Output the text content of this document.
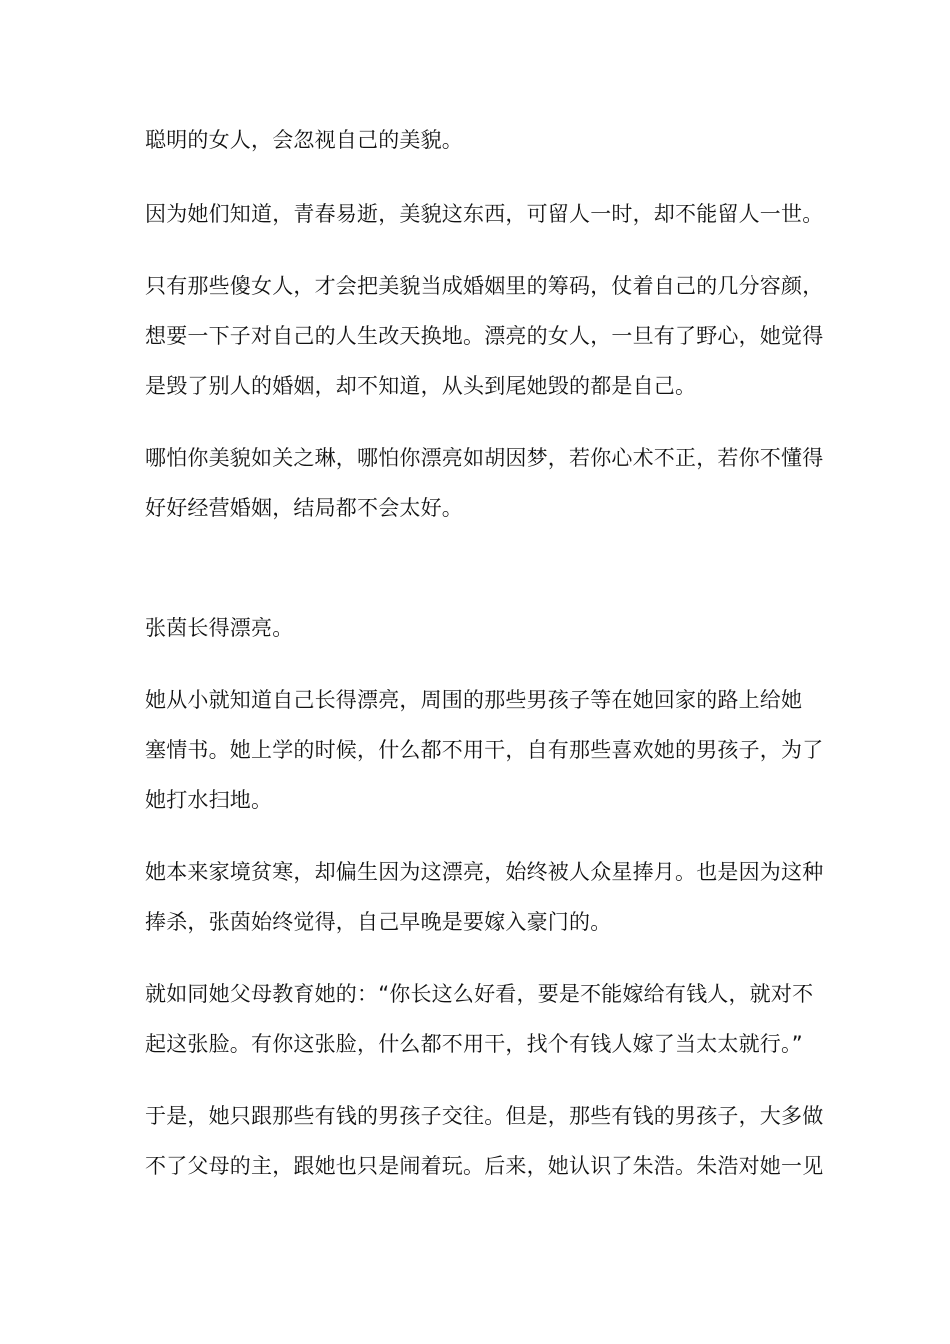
聪明的女人，会忽视自己的美貌。
因为她们知道，青春易逝，美貌这东西，可留人一时，却不能留人一世。
只有那些傻女人，才会把美貌当成婚姻里的筹码，仗着自己的几分容颜，
想要一下子对自己的人生改天换地。漂亮的女人，一旦有了野心，她觉得
是毁了别人的婚姻，却不知道，从头到尾她毁的都是自己。
哪怕你美貌如关之琳，哪怕你漂亮如胡因梦，若你心术不正，若你不懂得
好好经营婚姻，结局都不会太好。
张茵长得漂亮。
她从小就知道自己长得漂亮，周围的那些男孩子等在她回家的路上给她
塞情书。她上学的时候，什么都不用干，自有那些喜欢她的男孩子，为了
她打水扫地。
她本来家境贫寒，却偏生因为这漂亮，始终被人众星捧月。也是因为这种
捧杀，张茵始终觉得，自己早晚是要嫁入豪门的。
就如同她父母教育她的：“你长这么好看，要是不能嫁给有钱人，就对不
起这张脸。有你这张脸，什么都不用干，找个有钱人嫁了当太太就行。”
于是，她只跟那些有钱的男孩子交往。但是，那些有钱的男孩子，大多做
不了父母的主，跟她也只是闹着玩。后来，她认识了朱浩。朱浩对她一见
